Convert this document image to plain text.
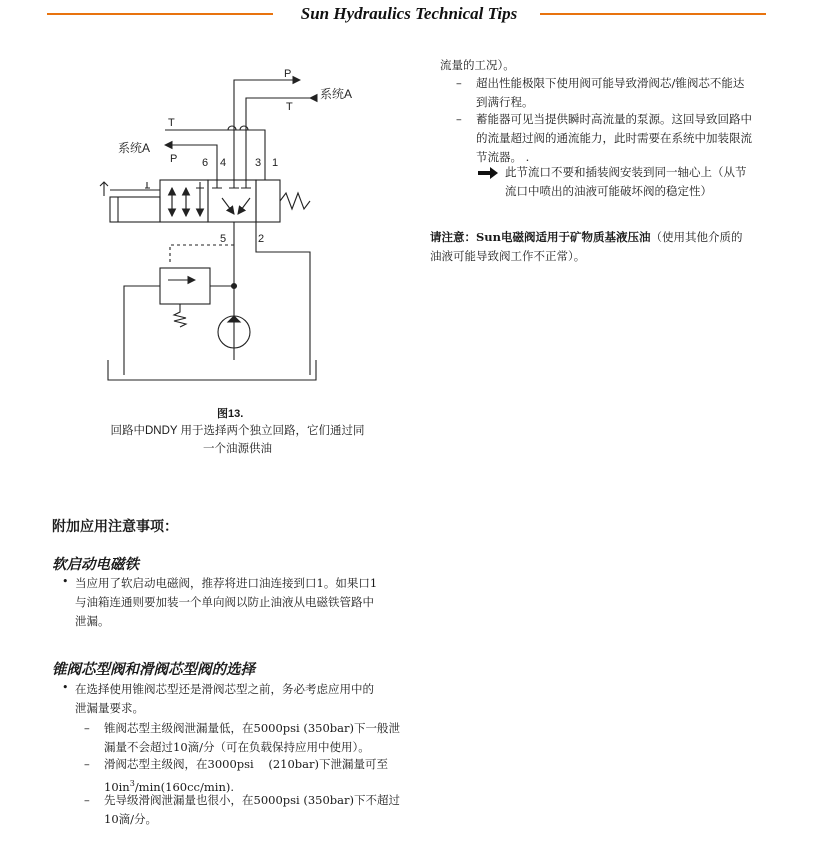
Sun Hydraulics Technical Tips
P
T
系统A
T
系统A
P 6 4	3 1
5	2
图13.
回路中DNDY 用于选择两个独立回路，它们通过同
一个油源供油
流量的工况）。
– 超出性能极限下使用阀可能导致滑阀芯/锥阀芯不能达
到满行程。
– 蓄能器可见当提供瞬时高流量的泵源。这回导致回路中
的流量超过阀的通流能力，此时需要在系统中加装限流
节流器。 .
此节流口不要和插装阀安装到同一轴心上（从节
流口中喷出的油液可能破坏阀的稳定性）
请注意：Sun电磁阀适用于矿物质基液压油（使用其他介质的
油液可能导致阀工作不正常）。
附加应用注意事项：
软启动电磁铁
• 当应用了软启动电磁阀，推荐将进口油连接到口1。如果口1
与油箱连通则要加装一个单向阀以防止油液从电磁铁管路中
泄漏。
锥阀芯型阀和滑阀芯型阀的选择
• 在选择使用锥阀芯型还是滑阀芯型之前，务必考虑应用中的
泄漏量要求。
– 锥阀芯型主级阀泄漏量低，在5000psi (350bar)下一般泄
漏量不会超过10滴/分（可在负载保持应用中使用）。
– 滑阀芯型主级阀，在3000psi    (210bar)下泄漏量可至
$10in^3/\min(160cc/\min)$.
– 先导级滑阀泄漏量也很小，在5000psi (350bar)下不超过
10滴/分。
